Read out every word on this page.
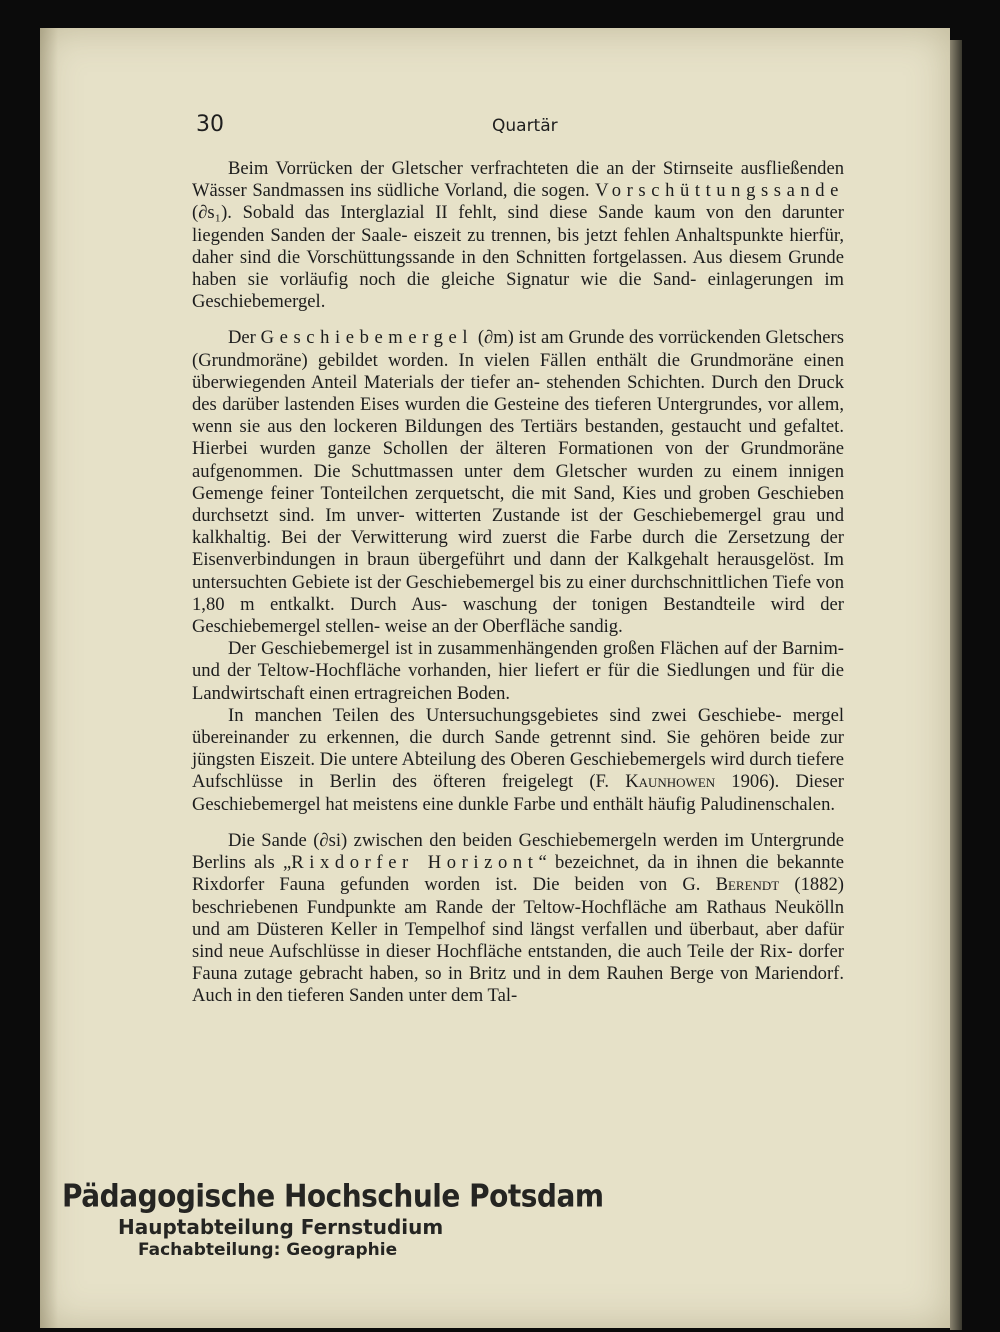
30	Quartär

Beim Vorrücken der Gletscher verfrachteten die an der Stirnseite ausfließenden Wässer Sandmassen ins südliche Vorland, die sogen. Vorschüttungssande (∂s₁). Sobald das Interglazial II fehlt, sind diese Sande kaum von den darunter liegenden Sanden der Saale- eiszeit zu trennen, bis jetzt fehlen Anhaltspunkte hierfür, daher sind die Vorschüttungssande in den Schnitten fortgelassen. Aus diesem Grunde haben sie vorläufig noch die gleiche Signatur wie die Sand- einlagerungen im Geschiebemergel.

Der Geschiebemergel (∂m) ist am Grunde des vorrückenden Gletschers (Grundmoräne) gebildet worden. In vielen Fällen enthält die Grundmoräne einen überwiegenden Anteil Materials der tiefer an- stehenden Schichten. Durch den Druck des darüber lastenden Eises wurden die Gesteine des tieferen Untergrundes, vor allem, wenn sie aus den lockeren Bildungen des Tertiärs bestanden, gestaucht und gefaltet. Hierbei wurden ganze Schollen der älteren Formationen von der Grundmoräne aufgenommen. Die Schuttmassen unter dem Gletscher wurden zu einem innigen Gemenge feiner Tonteilchen zerquetscht, die mit Sand, Kies und groben Geschieben durchsetzt sind. Im unver- witterten Zustande ist der Geschiebemergel grau und kalkhaltig. Bei der Verwitterung wird zuerst die Farbe durch die Zersetzung der Eisenverbindungen in braun übergeführt und dann der Kalkgehalt herausgelöst. Im untersuchten Gebiete ist der Geschiebemergel bis zu einer durchschnittlichen Tiefe von 1,80 m entkalkt. Durch Aus- waschung der tonigen Bestandteile wird der Geschiebemergel stellen- weise an der Oberfläche sandig.

Der Geschiebemergel ist in zusammenhängenden großen Flächen auf der Barnim- und der Teltow-Hochfläche vorhanden, hier liefert er für die Siedlungen und für die Landwirtschaft einen ertragreichen Boden.

In manchen Teilen des Untersuchungsgebietes sind zwei Geschiebe- mergel übereinander zu erkennen, die durch Sande getrennt sind. Sie gehören beide zur jüngsten Eiszeit. Die untere Abteilung des Oberen Geschiebemergels wird durch tiefere Aufschlüsse in Berlin des öfteren freigelegt (F. Kaunhowen 1906). Dieser Geschiebemergel hat meistens eine dunkle Farbe und enthält häufig Paludinenschalen.

Die Sande (∂si) zwischen den beiden Geschiebemergeln werden im Untergrunde Berlins als „Rixdorfer Horizont“ bezeichnet, da in ihnen die bekannte Rixdorfer Fauna gefunden worden ist. Die beiden von G. Berendt (1882) beschriebenen Fundpunkte am Rande der Teltow-Hochfläche am Rathaus Neukölln und am Düsteren Keller in Tempelhof sind längst verfallen und überbaut, aber dafür sind neue Aufschlüsse in dieser Hochfläche entstanden, die auch Teile der Rix- dorfer Fauna zutage gebracht haben, so in Britz und in dem Rauhen Berge von Mariendorf. Auch in den tieferen Sanden unter dem Tal-

Pädagogische Hochschule Potsdam
Hauptabteilung Fernstudium
Fachabteilung: Geographie
